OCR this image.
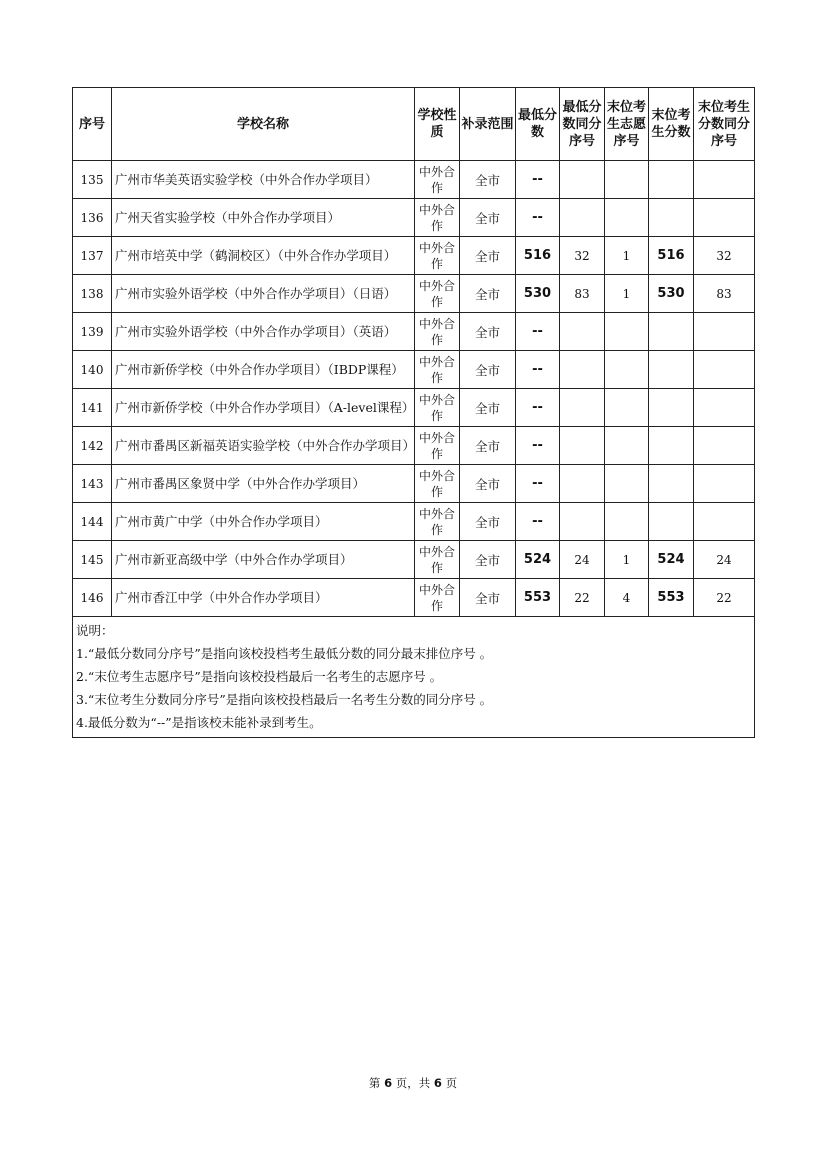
序号	学校名称	学校性质	补录范围	最低分数	最低分数同分序号	末位考生志愿序号	末位考生分数	末位考生分数同分序号
135	广州市华美英语实验学校（中外合作办学项目）	中外合作	全市	--				
136	广州天省实验学校（中外合作办学项目）	中外合作	全市	--				
137	广州市培英中学（鹤洞校区）（中外合作办学项目）	中外合作	全市	516	32	1	516	32
138	广州市实验外语学校（中外合作办学项目）（日语）	中外合作	全市	530	83	1	530	83
139	广州市实验外语学校（中外合作办学项目）（英语）	中外合作	全市	--				
140	广州市新侨学校（中外合作办学项目）（IBDP课程）	中外合作	全市	--				
141	广州市新侨学校（中外合作办学项目）（A-level课程）	中外合作	全市	--				
142	广州市番禺区新福英语实验学校（中外合作办学项目）	中外合作	全市	--				
143	广州市番禺区象贤中学（中外合作办学项目）	中外合作	全市	--				
144	广州市黄广中学（中外合作办学项目）	中外合作	全市	--				
145	广州市新亚高级中学（中外合作办学项目）	中外合作	全市	524	24	1	524	24
146	广州市香江中学（中外合作办学项目）	中外合作	全市	553	22	4	553	22

说明：
1.“最低分数同分序号”是指向该校投档考生最低分数的同分最末排位序号 。
2.“末位考生志愿序号”是指向该校投档最后一名考生的志愿序号 。
3.“末位考生分数同分序号”是指向该校投档最后一名考生分数的同分序号 。
4.最低分数为“--”是指该校未能补录到考生。								
第 6 页，共 6 页
